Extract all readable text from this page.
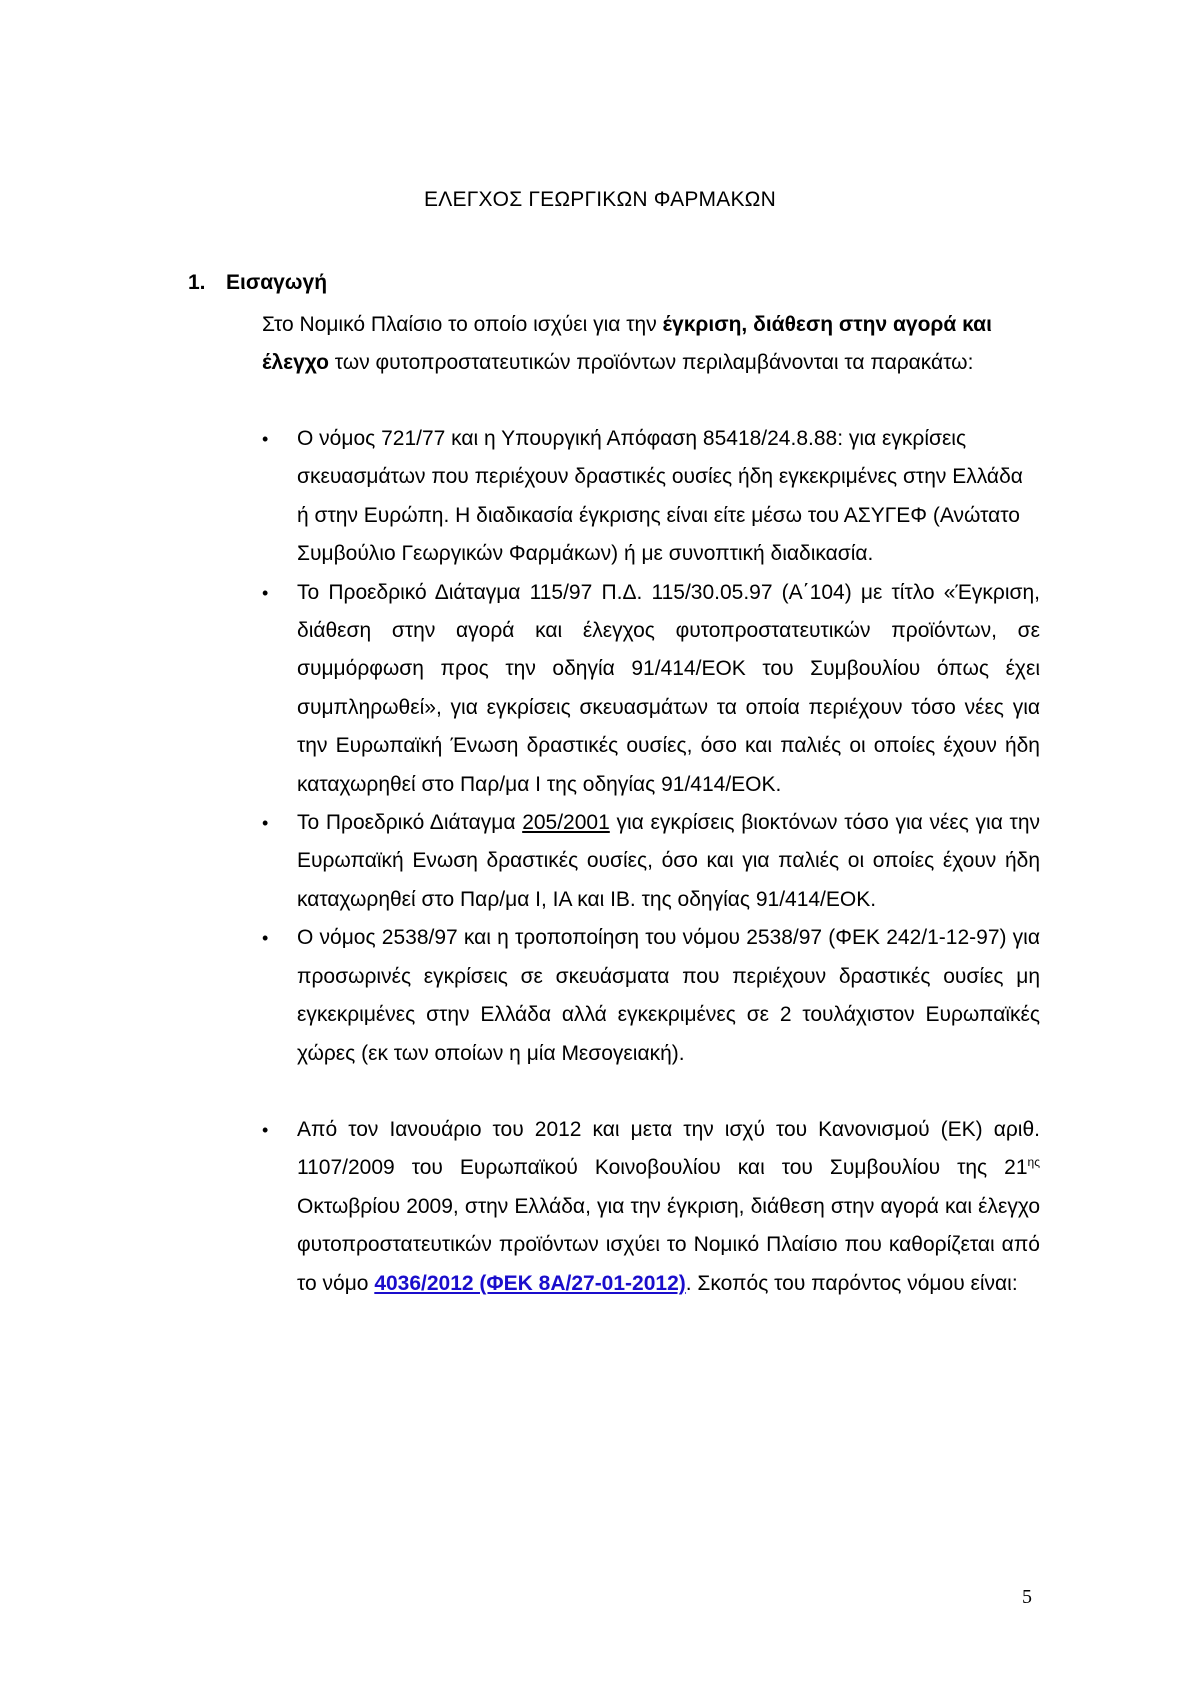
ΕΛΕΓΧΟΣ ΓΕΩΡΓΙΚΩΝ ΦΑΡΜΑΚΩΝ
1. Εισαγωγή
Στο Νομικό Πλαίσιο το οποίο ισχύει για την έγκριση, διάθεση στην αγορά και έλεγχο των φυτοπροστατευτικών προϊόντων περιλαμβάνονται τα παρακάτω:
• Ο νόμος 721/77 και η Υπουργική Απόφαση 85418/24.8.88: για εγκρίσεις σκευασμάτων που περιέχουν δραστικές ουσίες ήδη εγκεκριμένες στην Ελλάδα ή στην Ευρώπη. Η διαδικασία έγκρισης είναι είτε μέσω του ΑΣΥΓΕΦ (Ανώτατο Συμβούλιο Γεωργικών Φαρμάκων) ή με συνοπτική διαδικασία.
• Το Προεδρικό Διάταγμα 115/97 Π.Δ. 115/30.05.97 (Α΄104) με τίτλο «Έγκριση, διάθεση στην αγορά και έλεγχος φυτοπροστατευτικών προϊόντων, σε συμμόρφωση προς την οδηγία 91/414/ΕΟΚ του Συμβουλίου όπως έχει συμπληρωθεί», για εγκρίσεις σκευασμάτων τα οποία περιέχουν τόσο νέες για την Ευρωπαϊκή Ένωση δραστικές ουσίες, όσο και παλιές οι οποίες έχουν ήδη καταχωρηθεί στο Παρ/μα Ι της οδηγίας 91/414/ΕΟΚ.
• Το Προεδρικό Διάταγμα 205/2001 για εγκρίσεις βιοκτόνων τόσο για νέες για την Ευρωπαϊκή Ενωση δραστικές ουσίες, όσο και για παλιές οι οποίες έχουν ήδη καταχωρηθεί στο Παρ/μα Ι, ΙΑ και ΙΒ. της οδηγίας 91/414/ΕΟΚ.
• Ο νόμος 2538/97 και η τροποποίηση του νόμου 2538/97 (ΦΕΚ 242/1-12-97) για προσωρινές εγκρίσεις σε σκευάσματα που περιέχουν δραστικές ουσίες μη εγκεκριμένες στην Ελλάδα αλλά εγκεκριμένες σε 2 τουλάχιστον Ευρωπαϊκές χώρες (εκ των οποίων η μία Μεσογειακή).
• Από τον Ιανουάριο του 2012 και μετα την ισχύ του Κανονισμού (ΕΚ) αριθ. 1107/2009 του Ευρωπαϊκού Κοινοβουλίου και του Συμβουλίου της $21^{\eta\varsigma}$ Οκτωβρίου 2009, στην Ελλάδα, για την έγκριση, διάθεση στην αγορά και έλεγχο φυτοπροστατευτικών προϊόντων ισχύει το Νομικό Πλαίσιο που καθορίζεται από το νόμο 4036/2012 (ΦΕΚ 8Α/27-01-2012). Σκοπός του παρόντος νόμου είναι:
5
